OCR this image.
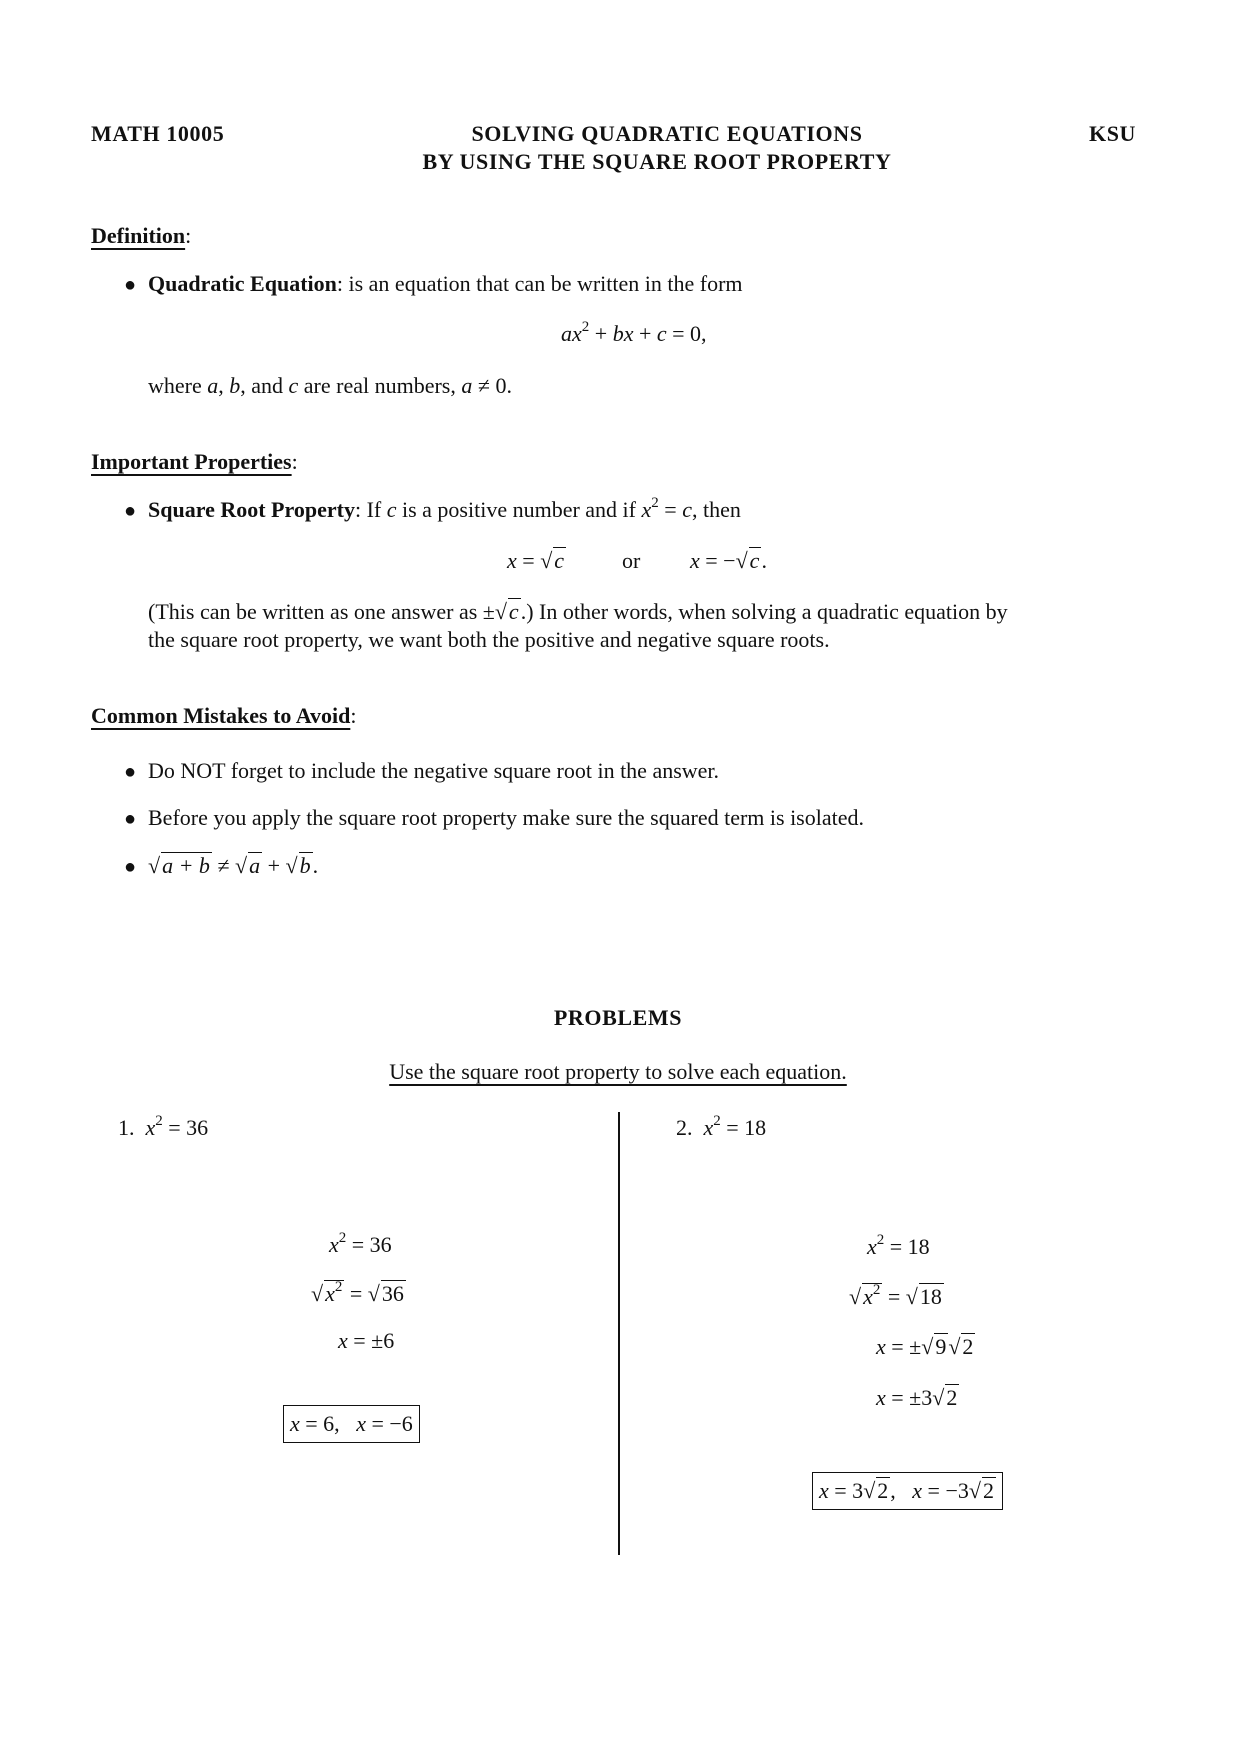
MATH 10005	SOLVING QUADRATIC EQUATIONS
BY USING THE SQUARE ROOT PROPERTY
KSU
Definition:
● Quadratic Equation: is an equation that can be written in the form
$ax^2$ + bx + c = 0,
where a, b, and c are real numbers, a ≠ 0.
Important Properties:
● Square Root Property: If c is a positive number and if $x^2 = c$, then
x = √c	or x = −√c.
(This can be written as one answer as ±√c.) In other words, when solving a quadratic equation by
the square root property, we want both the positive and negative square roots.
Common Mistakes to Avoid:
● Do NOT forget to include the negative square root in the answer.
● Before you apply the square root property make sure the squared term is isolated.
● √a + b ≠ √a + √b.
PROBLEMS
Use the square root property to solve each equation.
1. $x^2 = 36$
$x^2 = 36$
$√x^2 = √36$
x = ±6
x = 6, x = −6
2. $x^2 = 18$
$x^2 = 18$
$√x^2 = √18$
x = ±√9√2
x = ±3√2
x = 3√2, x = −3√2
